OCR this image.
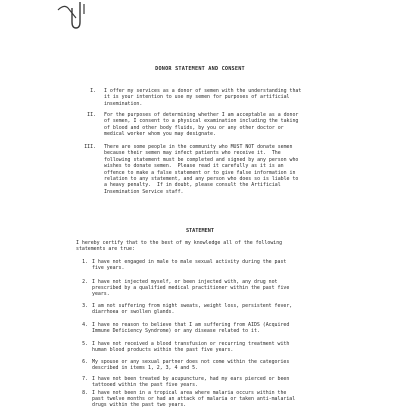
DONOR STATEMENT AND CONSENT
I. I offer my services as a donor of semen with the understanding that
it is your intention to use my semen for purposes of artificial
insemination.
II. For the purposes of determining whether I am acceptable as a donor
of semen, I consent to a physical examination including the taking
of blood and other body fluids, by you or any other doctor or
medical worker whom you may designate.
III. There are some people in the community who MUST NOT donate semen
because their semen may infect patients who receive it.  The
following statement must be completed and signed by any person who
wishes to donate semen.  Please read it carefully as it is an
offence to make a false statement or to give false information in
relation to any statement, and any person who does so is liable to
a heavy penalty.  If in doubt, please consult the Artificial
Insemination Service staff.
STATEMENT
I hereby certify that to the best of my knowledge all of the following
statements are true:
1. I have not engaged in male to male sexual activity during the past
five years.
2. I have not injected myself, or been injected with, any drug not
prescribed by a qualified medical practitioner within the past five
years.
3. I am not suffering from night sweats, weight loss, persistent fever,
diarrhoea or swollen glands.
4. I have no reason to believe that I am suffering from AIDS (Acquired
Immune Deficiency Syndrome) or any disease related to it.
5. I have not received a blood transfusion or recurring treatment with
human blood products within the past five years.
6. My spouse or any sexual partner does not come within the categories
described in items 1, 2, 3, 4 and 5.
7. I have not been treated by acupuncture, had my ears pierced or been
tattooed within the past five years.
8. I have not been in a tropical area where malaria occurs within the
past twelve months or had an attack of malaria or taken anti-malarial
drugs within the past two years.
